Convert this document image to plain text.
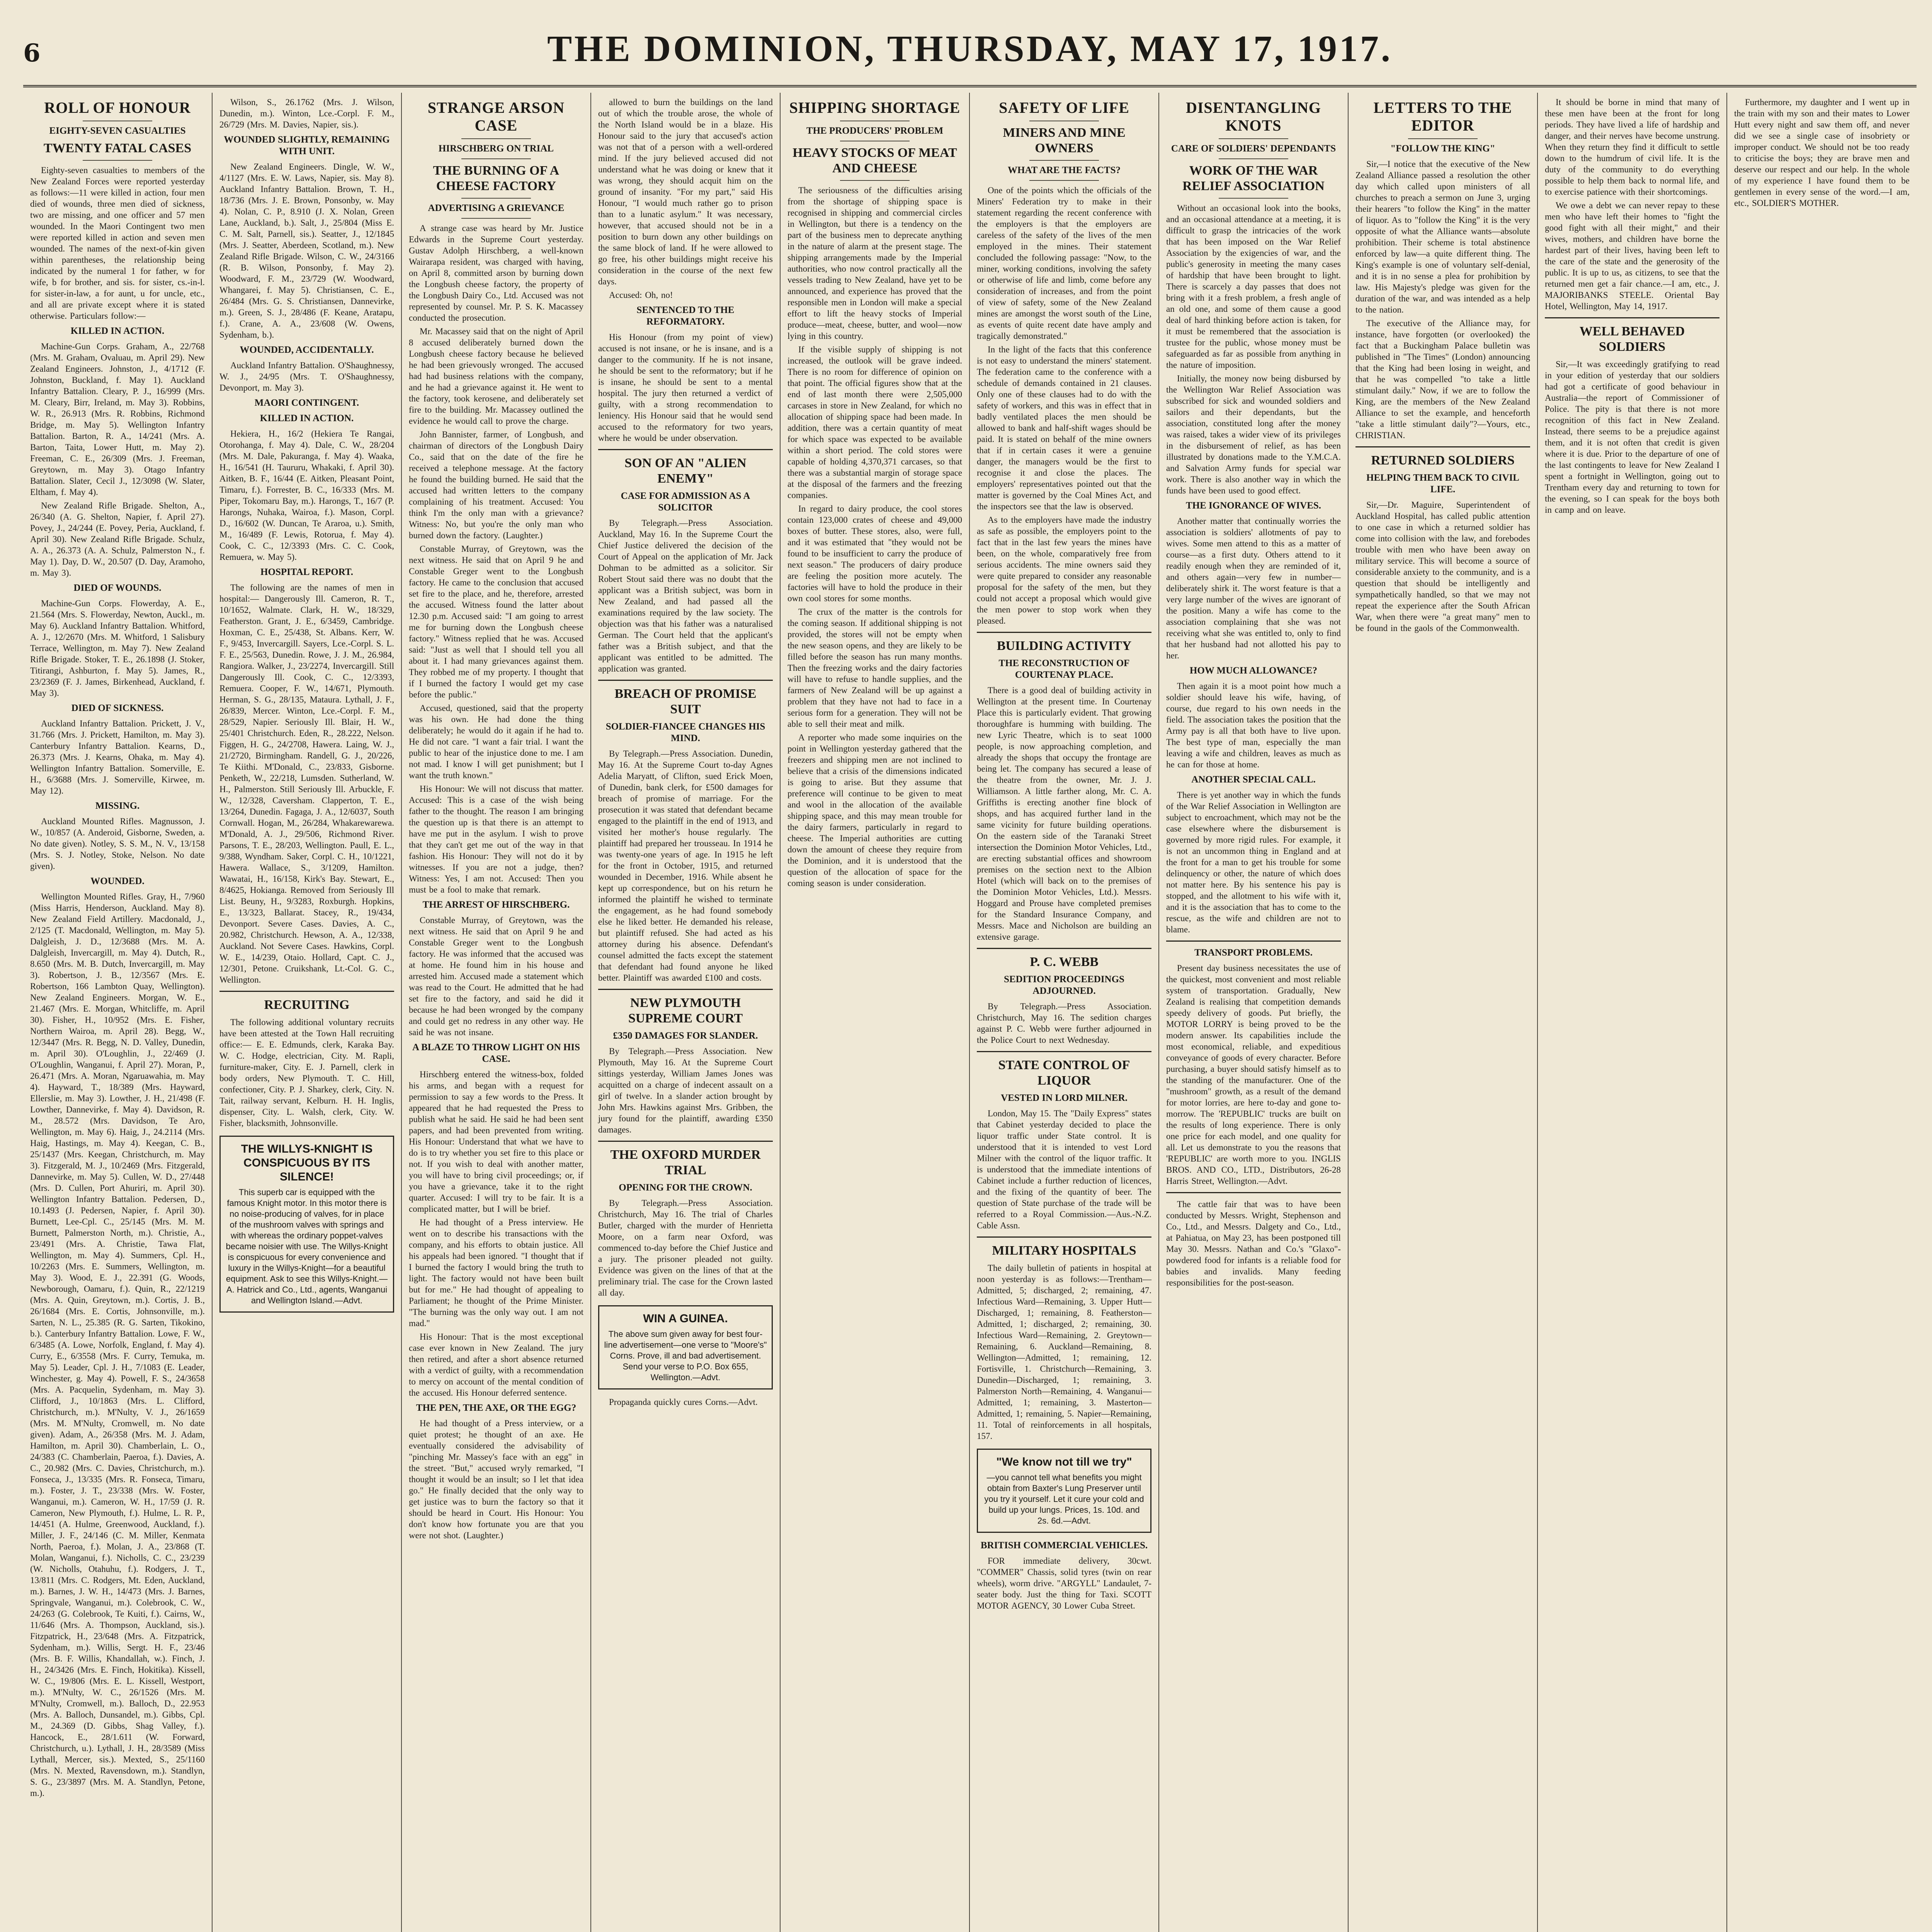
6	THE DOMINION, THURSDAY, MAY 17, 1917.
ROLL OF HONOUR
EIGHTY-SEVEN CASUALTIES
TWENTY FATAL CASES

Eighty-seven casualties to members of the New Zealand Forces were reported yesterday as follows:—11 were killed in action, four men died of wounds, three men died of sickness, two are missing, and one officer and 57 men wounded. In the Maori Contingent two men were reported killed in action and seven men wounded. The names of the next-of-kin given within parentheses, the relationship being indicated by the numeral 1 for father, w for wife, b for brother, and sis. for sister, cs.-in-l. for sister-in-law, a for aunt, u for uncle, etc., and all are private except where it is stated otherwise. Particulars follow:—

KILLED IN ACTION.

Machine-Gun Corps. Graham, A., 22/768 (Mrs. M. Graham, Ovaluau, m. April 29). New Zealand Engineers. Johnston, J., 4/1712 (F. Johnston, Buckland, f. May 1). Auckland Infantry Battalion. Cleary, P. J., 16/999 (Mrs. M. Cleary, Birr, Ireland, m. May 3). Robbins, W. R., 26.913 (Mrs. R. Robbins, Richmond Bridge, m. May 5). Wellington Infantry Battalion. Barton, R. A., 14/241 (Mrs. A. Barton, Taita, Lower Hutt, m. May 2). Freeman, C. E., 26/309 (Mrs. J. Freeman, Greytown, m. May 3). Otago Infantry Battalion. Slater, Cecil J., 12/3098 (W. Slater, Eltham, f. May 4).

New Zealand Rifle Brigade. Shelton, A., 26/340 (A. G. Shelton, Napier, f. April 27). Povey, J., 24/244 (E. Povey, Peria, Auckland, f. April 30). New Zealand Rifle Brigade. Schulz, A. A., 26.373 (A. A. Schulz, Palmerston N., f. May 1). Day, D. W., 20.507 (D. Day, Aramoho, m. May 3).

DIED OF WOUNDS.

Machine-Gun Corps. Flowerday, A. E., 21.564 (Mrs. S. Flowerday, Newton, Auckl., m. May 6). Auckland Infantry Battalion. Whitford, A. J., 12/2670 (Mrs. M. Whitford, 1 Salisbury Terrace, Wellington, m. May 7). New Zealand Rifle Brigade. Stoker, T. E., 26.1898 (J. Stoker, Titirangi, Ashburton, f. May 5). James, R., 23/2369 (F. J. James, Birkenhead, Auckland, f. May 3).

DIED OF SICKNESS.

Auckland Infantry Battalion. Prickett, J. V., 31.766 (Mrs. J. Prickett, Hamilton, m. May 3). Canterbury Infantry Battalion. Kearns, D., 26.373 (Mrs. J. Kearns, Ohaka, m. May 4). Wellington Infantry Battalion. Somerville, E. H., 6/3688 (Mrs. J. Somerville, Kirwee, m. May 12).

MISSING.

Auckland Mounted Rifles. Magnusson, J. W., 10/857 (A. Anderoid, Gisborne, Sweden, a. No date given). Notley, S. S. M., N. V., 13/158 (Mrs. S. J. Notley, Stoke, Nelson. No date given).

WOUNDED.

Wellington Mounted Rifles. Gray, H., 7/960 (Miss Harris, Henderson, Auckland. May 8). New Zealand Field Artillery. Macdonald, J., 2/125 (T. Macdonald, Wellington, m. May 5). Dalgleish, J. D., 12/3688 (Mrs. M. A. Dalgleish, Invercargill, m. May 4). Dutch, R., 8.650 (Mrs. M. B. Dutch, Invercargill, m. May 3). Robertson, J. B., 12/3567 (Mrs. E. Robertson, 166 Lambton Quay, Wellington). New Zealand Engineers. Morgan, W. E., 21.467 (Mrs. E. Morgan, Whitcliffe, m. April 30). Fisher, H., 10/952 (Mrs. E. Fisher, Northern Wairoa, m. April 28). Begg, W., 12/3447 (Mrs. R. Begg, N. D. Valley, Dunedin, m. April 30). O'Loughlin, J., 22/469 (J. O'Loughlin, Wanganui, f. April 27). Moran, P., 26.471 (Mrs. A. Moran, Ngaruawahia, m. May 4). Hayward, T., 18/389 (Mrs. Hayward, Ellerslie, m. May 3). Lowther, J. H., 21/498 (F. Lowther, Dannevirke, f. May 4). Davidson, R. M., 28.572 (Mrs. Davidson, Te Aro, Wellington, m. May 6). Haig, J., 24.2114 (Mrs. Haig, Hastings, m. May 4). Keegan, C. B., 25/1437 (Mrs. Keegan, Christchurch, m. May 3). Fitzgerald, M. J., 10/2469 (Mrs. Fitzgerald, Dannevirke, m. May 5). Cullen, W. D., 27/448 (Mrs. D. Cullen, Port Ahuriri, m. April 30). Wellington Infantry Battalion. Pedersen, D., 10.1493 (J. Pedersen, Napier, f. April 30). Burnett, Lee-Cpl. C., 25/145 (Mrs. M. M. Burnett, Palmerston North, m.). Christie, A., 23/491 (Mrs. A. Christie, Tawa Flat, Wellington, m. May 4). Summers, Cpl. H., 10/2263 (Mrs. E. Summers, Wellington, m. May 3). Wood, E. J., 22.391 (G. Woods, Newborough, Oamaru, f.). Quin, R., 22/1219 (Mrs. A. Quin, Greytown, m.). Cortis, J. B., 26/1684 (Mrs. E. Cortis, Johnsonville, m.). Sarten, N. L., 25.385 (R. G. Sarten, Tikokino, b.). Canterbury Infantry Battalion. Lowe, F. W., 6/3485 (A. Lowe, Norfolk, England, f. May 4). Curry, E., 6/3558 (Mrs. F. Curry, Temuka, m. May 5). Leader, Cpl. J. H., 7/1083 (E. Leader, Winchester, g. May 4). Powell, F. S., 24/3658 (Mrs. A. Pacquelin, Sydenham, m. May 3). Clifford, J., 10/1863 (Mrs. L. Clifford, Christchurch, m.). M'Nulty, V. J., 26/1659 (Mrs. M. M'Nulty, Cromwell, m. No date given). Adam, A., 26/358 (Mrs. M. J. Adam, Hamilton, m. April 30). Chamberlain, L. O., 24/383 (C. Chamberlain, Paeroa, f.). Davies, A. C., 20.982 (Mrs. C. Davies, Christchurch, m.). Fonseca, J., 13/335 (Mrs. R. Fonseca, Timaru, m.). Foster, J. T., 23/338 (Mrs. W. Foster, Wanganui, m.). Cameron, W. H., 17/59 (J. R. Cameron, New Plymouth, f.). Hulme, L. R. P., 14/451 (A. Hulme, Greenwood, Auckland, f.). Miller, J. F., 24/146 (C. M. Miller, Kenmata North, Paeroa, f.). Molan, J. A., 23/868 (T. Molan, Wanganui, f.). Nicholls, C. C., 23/239 (W. Nicholls, Otahuhu, f.). Rodgers, J. T., 13/811 (Mrs. C. Rodgers, Mt. Eden, Auckland, m.). Barnes, J. W. H., 14/473 (Mrs. J. Barnes, Springvale, Wanganui, m.). Colebrook, C. W., 24/263 (G. Colebrook, Te Kuiti, f.). Cairns, W., 11/646 (Mrs. A. Thompson, Auckland, sis.). Fitzpatrick, H., 23/648 (Mrs. A. Fitzpatrick, Sydenham, m.). Willis, Sergt. H. F., 23/46 (Mrs. B. F. Willis, Khandallah, w.). Finch, J. H., 24/3426 (Mrs. E. Finch, Hokitika). Kissell, W. C., 19/806 (Mrs. E. L. Kissell, Westport, m.). M'Nulty, W. C., 26/1526 (Mrs. M. M'Nulty, Cromwell, m.). Balloch, D., 22.953 (Mrs. A. Balloch, Dunsandel, m.). Gibbs, Cpl. M., 24.369 (D. Gibbs, Shag Valley, f.). Hancock, E., 28/1.611 (W. Forward, Christchurch, u.). Lythall, J. H., 28/3589 (Miss Lythall, Mercer, sis.). Mexted, S., 25/1160 (Mrs. N. Mexted, Ravensdown, m.). Standlyn, S. G., 23/3897 (Mrs. M. A. Standlyn, Petone, m.).

Wilson, S., 26.1762 (Mrs. J. Wilson, Dunedin, m.). Winton, Lce.-Corpl. F. M., 26/729 (Mrs. M. Davies, Napier, sis.).

WOUNDED SLIGHTLY, REMAINING WITH UNIT.

New Zealand Engineers. Dingle, W. W., 4/1127 (Mrs. E. W. Laws, Napier, sis. May 8). Auckland Infantry Battalion. Brown, T. H., 18/736 (Mrs. J. E. Brown, Ponsonby, w. May 4). Nolan, C. P., 8.910 (J. X. Nolan, Green Lane, Auckland, b.). Salt, J., 25/804 (Miss E. C. M. Salt, Parnell, sis.). Seatter, J., 12/1845 (Mrs. J. Seatter, Aberdeen, Scotland, m.). New Zealand Rifle Brigade. Wilson, C. W., 24/3166 (R. B. Wilson, Ponsonby, f. May 2). Woodward, F. M., 23/729 (W. Woodward, Whangarei, f. May 5). Christiansen, C. E., 26/484 (Mrs. G. S. Christiansen, Dannevirke, m.). Green, S. J., 28/486 (F. Keane, Aratapu, f.). Crane, A. A., 23/608 (W. Owens, Sydenham, b.).

WOUNDED, ACCIDENTALLY.

Auckland Infantry Battalion. O'Shaughnessy, W. J., 24/95 (Mrs. T. O'Shaughnessy, Devonport, m. May 3).

MAORI CONTINGENT.
KILLED IN ACTION.

Hekiera, H., 16/2 (Hekiera Te Rangai, Otorohanga, f. May 4). Dale, C. W., 28/204 (Mrs. M. Dale, Pakuranga, f. May 4). Waaka, H., 16/541 (H. Taururu, Whakaki, f. April 30). Aitken, B. F., 16/44 (E. Aitken, Pleasant Point, Timaru, f.). Forrester, B. C., 16/333 (Mrs. M. Piper, Tokomaru Bay, m.). Harongs, T., 16/7 (P. Harongs, Nuhaka, Wairoa, f.). Mason, Corpl. D., 16/602 (W. Duncan, Te Araroa, u.). Smith, M., 16/489 (F. Lewis, Rotorua, f. May 4). Cook, C. C., 12/3393 (Mrs. C. C. Cook, Remuera, w. May 5).

HOSPITAL REPORT.

The following are the names of men in hospital:— Dangerously Ill. Cameron, R. T., 10/1652, Walmate. Clark, H. W., 18/329, Featherston. Grant, J. E., 6/3459, Cambridge. Hoxman, C. E., 25/438, St. Albans. Kerr, W. F., 9/453, Invercargill. Sayers, Lce.-Corpl. S. L. F. E., 25/563, Dunedin. Rowe, J. J. M., 26.984, Rangiora. Walker, J., 23/2274, Invercargill. Still Dangerously Ill. Cook, C. C., 12/3393, Remuera. Cooper, F. W., 14/671, Plymouth. Herman, S. G., 28/135, Mataura. Lythall, J. F., 26/839, Mercer. Winton, Lce.-Corpl. F. M., 28/529, Napier. Seriously Ill. Blair, H. W., 25/401 Christchurch. Eden, R., 28.222, Nelson. Figgen, H. G., 24/2708, Hawera. Laing, W. J., 21/2720, Birmingham. Randell, G. J., 20/226, Te Kiithi. M'Donald, C., 23/833, Gisborne. Penketh, W., 22/218, Lumsden. Sutherland, W. H., Palmerston. Still Seriously Ill. Arbuckle, F. W., 12/328, Caversham. Clapperton, T. E., 13/264, Dunedin. Fagaga, J. A., 12/6037, South Cornwall. Hogan, M., 26/284, Whakarewarewa. M'Donald, A. J., 29/506, Richmond River. Parsons, T. E., 28/203, Wellington. Paull, E. L., 9/388, Wyndham. Saker, Corpl. C. H., 10/1221, Hawera. Wallace, S., 3/1209, Hamilton. Wawatai, H., 16/158, Kirk's Bay. Stewart, E., 8/4625, Hokianga. Removed from Seriously Ill List. Beuny, H., 9/3283, Roxburgh. Hopkins, E., 13/323, Ballarat. Stacey, R., 19/434, Devonport. Severe Cases. Davies, A. C., 20.982, Christchurch. Hewson, A. A., 12/338, Auckland. Not Severe Cases. Hawkins, Corpl. W. E., 14/239, Otaio. Hollard, Capt. C. J., 12/301, Petone. Cruikshank, Lt.-Col. G. C., Wellington.

RECRUITING

The following additional voluntary recruits have been attested at the Town Hall recruiting office:— E. E. Edmunds, clerk, Karaka Bay. W. C. Hodge, electrician, City. M. Rapli, furniture-maker, City. E. J. Parnell, clerk in body orders, New Plymouth. T. C. Hill, confectioner, City. P. J. Sharkey, clerk, City. N. Tait, railway servant, Kelburn. H. H. Inglis, dispenser, City. L. Walsh, clerk, City. W. Fisher, blacksmith, Johnsonville.

THE WILLYS-KNIGHT IS CONSPICUOUS BY ITS SILENCE!
This superb car is equipped with the famous Knight motor. In this motor there is no noise-producing of valves, for in place of the mushroom valves with springs and with whereas the ordinary poppet-valves became noisier with use. The Willys-Knight is conspicuous for every convenience and luxury in the Willys-Knight—for a beautiful equipment. Ask to see this Willys-Knight.— A. Hatrick and Co., Ltd., agents, Wanganui and Wellington Island.—Advt.
STRANGE ARSON CASE
HIRSCHBERG ON TRIAL
THE BURNING OF A CHEESE FACTORY
ADVERTISING A GRIEVANCE

A strange case was heard by Mr. Justice Edwards in the Supreme Court yesterday. Gustav Adolph Hirschberg, a well-known Wairarapa resident, was charged with having, on April 8, committed arson by burning down the Longbush cheese factory, the property of the Longbush Dairy Co., Ltd. Accused was not represented by counsel. Mr. P. S. K. Macassey conducted the prosecution.

Mr. Macassey said that on the night of April 8 accused deliberately burned down the Longbush cheese factory because he believed he had been grievously wronged. The accused had had business relations with the company, and he had a grievance against it. He went to the factory, took kerosene, and deliberately set fire to the building. Mr. Macassey outlined the evidence he would call to prove the charge.

John Bannister, farmer, of Longbush, and chairman of directors of the Longbush Dairy Co., said that on the date of the fire he received a telephone message. At the factory he found the building burned. He said that the accused had written letters to the company complaining of his treatment. Accused: You think I'm the only man with a grievance? Witness: No, but you're the only man who burned down the factory. (Laughter.)

Constable Murray, of Greytown, was the next witness. He said that on April 9 he and Constable Greger went to the Longbush factory. He came to the conclusion that accused set fire to the place, and he, therefore, arrested the accused. Witness found the latter about 12.30 p.m. Accused said: "I am going to arrest me for burning down the Longbush cheese factory." Witness replied that he was. Accused said: "Just as well that I should tell you all about it. I had many grievances against them. They robbed me of my property. I thought that if I burned the factory I would get my case before the public."

Accused, questioned, said that the property was his own. He had done the thing deliberately; he would do it again if he had to. He did not care. "I want a fair trial. I want the public to hear of the injustice done to me. I am not mad. I know I will get punishment; but I want the truth known."

His Honour: We will not discuss that matter. Accused: This is a case of the wish being father to the thought. The reason I am bringing the question up is that there is an attempt to have me put in the asylum. I wish to prove that they can't get me out of the way in that fashion. His Honour: They will not do it by witnesses. If you are not a judge, then? Witness: Yes, I am not. Accused: Then you must be a fool to make that remark.

THE ARREST OF HIRSCHBERG.

Constable Murray, of Greytown, was the next witness. He said that on April 9 he and Constable Greger went to the Longbush factory. He was informed that the accused was at home. He found him in his house and arrested him. Accused made a statement which was read to the Court. He admitted that he had set fire to the factory, and said he did it because he had been wronged by the company and could get no redress in any other way. He said he was not insane.

A BLAZE TO THROW LIGHT ON HIS CASE.

Hirschberg entered the witness-box, folded his arms, and began with a request for permission to say a few words to the Press. It appeared that he had requested the Press to publish what he said. He said he had been sent papers, and had been prevented from writing. His Honour: Understand that what we have to do is to try whether you set fire to this place or not. If you wish to deal with another matter, you will have to bring civil proceedings; or, if you have a grievance, take it to the right quarter. Accused: I will try to be fair. It is a complicated matter, but I will be brief.

He had thought of a Press interview. He went on to describe his transactions with the company, and his efforts to obtain justice. All his appeals had been ignored. "I thought that if I burned the factory I would bring the truth to light. The factory would not have been built but for me." He had thought of appealing to Parliament; he thought of the Prime Minister. "The burning was the only way out. I am not mad."

His Honour: That is the most exceptional case ever known in New Zealand. The jury then retired, and after a short absence returned with a verdict of guilty, with a recommendation to mercy on account of the mental condition of the accused. His Honour deferred sentence.

THE PEN, THE AXE, OR THE EGG?

He had thought of a Press interview, or a quiet protest; he thought of an axe. He eventually considered the advisability of "pinching Mr. Massey's face with an egg" in the street. "But," accused wryly remarked, "I thought it would be an insult; so I let that idea go." He finally decided that the only way to get justice was to burn the factory so that it should be heard in Court. His Honour: You don't know how fortunate you are that you were not shot. (Laughter.)

allowed to burn the buildings on the land out of which the trouble arose, the whole of the North Island would be in a blaze. His Honour said to the jury that accused's action was not that of a person with a well-ordered mind. If the jury believed accused did not understand what he was doing or knew that it was wrong, they should acquit him on the ground of insanity. "For my part," said His Honour, "I would much rather go to prison than to a lunatic asylum." It was necessary, however, that accused should not be in a position to burn down any other buildings on the same block of land. If he were allowed to go free, his other buildings might receive his consideration in the course of the next few days.

Accused: Oh, no!

SENTENCED TO THE REFORMATORY.

His Honour (from my point of view) accused is not insane, or he is insane, and is a danger to the community. If he is not insane, he should be sent to the reformatory; but if he is insane, he should be sent to a mental hospital. The jury then returned a verdict of guilty, with a strong recommendation to leniency. His Honour said that he would send accused to the reformatory for two years, where he would be under observation.

SON OF AN "ALIEN ENEMY"
CASE FOR ADMISSION AS A SOLICITOR

By Telegraph.—Press Association. Auckland, May 16. In the Supreme Court the Chief Justice delivered the decision of the Court of Appeal on the application of Mr. Jack Dohman to be admitted as a solicitor. Sir Robert Stout said there was no doubt that the applicant was a British subject, was born in New Zealand, and had passed all the examinations required by the law society. The objection was that his father was a naturalised German. The Court held that the applicant's father was a British subject, and that the applicant was entitled to be admitted. The application was granted.

BREACH OF PROMISE SUIT
SOLDIER-FIANCEE CHANGES HIS MIND.

By Telegraph.—Press Association. Dunedin, May 16. At the Supreme Court to-day Agnes Adelia Maryatt, of Clifton, sued Erick Moen, of Dunedin, bank clerk, for £500 damages for breach of promise of marriage. For the prosecution it was stated that defendant became engaged to the plaintiff in the end of 1913, and visited her mother's house regularly. The plaintiff had prepared her trousseau. In 1914 he was twenty-one years of age. In 1915 he left for the front in October, 1915, and returned wounded in December, 1916. While absent he kept up correspondence, but on his return he informed the plaintiff he wished to terminate the engagement, as he had found somebody else he liked better. He demanded his release, but plaintiff refused. She had acted as his attorney during his absence. Defendant's counsel admitted the facts except the statement that defendant had found anyone he liked better. Plaintiff was awarded £100 and costs.

NEW PLYMOUTH SUPREME COURT
£350 DAMAGES FOR SLANDER.

By Telegraph.—Press Association. New Plymouth, May 16. At the Supreme Court sittings yesterday, William James Jones was acquitted on a charge of indecent assault on a girl of twelve. In a slander action brought by John Mrs. Hawkins against Mrs. Gribben, the jury found for the plaintiff, awarding £350 damages.

THE OXFORD MURDER TRIAL
OPENING FOR THE CROWN.

By Telegraph.—Press Association. Christchurch, May 16. The trial of Charles Butler, charged with the murder of Henrietta Moore, on a farm near Oxford, was commenced to-day before the Chief Justice and a jury. The prisoner pleaded not guilty. Evidence was given on the lines of that at the preliminary trial. The case for the Crown lasted all day.

WIN A GUINEA.
The above sum given away for best four-line advertisement—one verse to "Moore's" Corns. Prove, ill and bad advertisement. Send your verse to P.O. Box 655, Wellington.—Advt.

Propaganda quickly cures Corns.—Advt.

SHIPPING SHORTAGE
THE PRODUCERS' PROBLEM
HEAVY STOCKS OF MEAT AND CHEESE

The seriousness of the difficulties arising from the shortage of shipping space is recognised in shipping and commercial circles in Wellington, but there is a tendency on the part of the business men to deprecate anything in the nature of alarm at the present stage. The shipping arrangements made by the Imperial authorities, who now control practically all the vessels trading to New Zealand, have yet to be announced, and experience has proved that the responsible men in London will make a special effort to lift the heavy stocks of Imperial produce—meat, cheese, butter, and wool—now lying in this country.

If the visible supply of shipping is not increased, the outlook will be grave indeed. There is no room for difference of opinion on that point. The official figures show that at the end of last month there were 2,505,000 carcases in store in New Zealand, for which no allocation of shipping space had been made. In addition, there was a certain quantity of meat for which space was expected to be available within a short period. The cold stores were capable of holding 4,370,371 carcases, so that there was a substantial margin of storage space at the disposal of the farmers and the freezing companies.

In regard to dairy produce, the cool stores contain 123,000 crates of cheese and 49,000 boxes of butter. These stores, also, were full, and it was estimated that "they would not be found to be insufficient to carry the produce of next season." The producers of dairy produce are feeling the position more acutely. The factories will have to hold the produce in their own cool stores for some months.

The crux of the matter is the controls for the coming season. If additional shipping is not provided, the stores will not be empty when the new season opens, and they are likely to be filled before the season has run many months. Then the freezing works and the dairy factories will have to refuse to handle supplies, and the farmers of New Zealand will be up against a problem that they have not had to face in a serious form for a generation. They will not be able to sell their meat and milk.

A reporter who made some inquiries on the point in Wellington yesterday gathered that the freezers and shipping men are not inclined to believe that a crisis of the dimensions indicated is going to arise. But they assume that preference will continue to be given to meat and wool in the allocation of the available shipping space, and this may mean trouble for the dairy farmers, particularly in regard to cheese. The Imperial authorities are cutting down the amount of cheese they require from the Dominion, and it is understood that the question of the allocation of space for the coming season is under consideration.

SAFETY OF LIFE
MINERS AND MINE OWNERS
WHAT ARE THE FACTS?

One of the points which the officials of the Miners' Federation try to make in their statement regarding the recent conference with the employers is that the employers are careless of the safety of the lives of the men employed in the mines. Their statement concluded the following passage: "Now, to the miner, working conditions, involving the safety or otherwise of life and limb, come before any consideration of increases, and from the point of view of safety, some of the New Zealand mines are amongst the worst south of the Line, as events of quite recent date have amply and tragically demonstrated."

In the light of the facts that this conference is not easy to understand the miners' statement. The federation came to the conference with a schedule of demands contained in 21 clauses. Only one of these clauses had to do with the safety of workers, and this was in effect that in badly ventilated places the men should be allowed to bank and half-shift wages should be paid. It is stated on behalf of the mine owners that if in certain cases it were a genuine danger, the managers would be the first to recognise it and close the places. The employers' representatives pointed out that the matter is governed by the Coal Mines Act, and the inspectors see that the law is observed.

As to the employers have made the industry as safe as possible, the employers point to the fact that in the last few years the mines have been, on the whole, comparatively free from serious accidents. The mine owners said they were quite prepared to consider any reasonable proposal for the safety of the men, but they could not accept a proposal which would give the men power to stop work when they pleased.

BUILDING ACTIVITY
THE RECONSTRUCTION OF COURTENAY PLACE.

There is a good deal of building activity in Wellington at the present time. In Courtenay Place this is particularly evident. That growing thoroughfare is humming with building. The new Lyric Theatre, which is to seat 1000 people, is now approaching completion, and already the shops that occupy the frontage are being let. The company has secured a lease of the theatre from the owner, Mr. J. J. Williamson. A little farther along, Mr. C. A. Griffiths is erecting another fine block of shops, and has acquired further land in the same vicinity for future building operations. On the eastern side of the Taranaki Street intersection the Dominion Motor Vehicles, Ltd., are erecting substantial offices and showroom premises on the section next to the Albion Hotel (which will back on to the premises of the Dominion Motor Vehicles, Ltd.). Messrs. Hoggard and Prouse have completed premises for the Standard Insurance Company, and Messrs. Mace and Nicholson are building an extensive garage.

P. C. WEBB
SEDITION PROCEEDINGS ADJOURNED.

By Telegraph.—Press Association. Christchurch, May 16. The sedition charges against P. C. Webb were further adjourned in the Police Court to next Wednesday.

STATE CONTROL OF LIQUOR
VESTED IN LORD MILNER.

London, May 15. The "Daily Express" states that Cabinet yesterday decided to place the liquor traffic under State control. It is understood that it is intended to vest Lord Milner with the control of the liquor traffic. It is understood that the immediate intentions of Cabinet include a further reduction of licences, and the fixing of the quantity of beer. The question of State purchase of the trade will be referred to a Royal Commission.—Aus.-N.Z. Cable Assn.

MILITARY HOSPITALS

The daily bulletin of patients in hospital at noon yesterday is as follows:—Trentham—Admitted, 5; discharged, 2; remaining, 47. Infectious Ward—Remaining, 3. Upper Hutt—Discharged, 1; remaining, 8. Featherston—Admitted, 1; discharged, 2; remaining, 30. Infectious Ward—Remaining, 2. Greytown—Remaining, 6. Auckland—Remaining, 8. Wellington—Admitted, 1; remaining, 12. Fortisville, 1. Christchurch—Remaining, 3. Dunedin—Discharged, 1; remaining, 3. Palmerston North—Remaining, 4. Wanganui—Admitted, 1; remaining, 3. Masterton—Admitted, 1; remaining, 5. Napier—Remaining, 11. Total of reinforcements in all hospitals, 157.

"We know not till we try"
—you cannot tell what benefits you might obtain from Baxter's Lung Preserver until you try it yourself. Let it cure your cold and build up your lungs. Prices, 1s. 10d. and 2s. 6d.—Advt.
BRITISH COMMERCIAL VEHICLES.

FOR immediate delivery, 30cwt. "COMMER" Chassis, solid tyres (twin on rear wheels), worm drive. "ARGYLL" Landaulet, 7-seater body. Just the thing for Taxi. SCOTT MOTOR AGENCY, 30 Lower Cuba Street.

DISENTANGLING KNOTS
CARE OF SOLDIERS' DEPENDANTS
WORK OF THE WAR RELIEF ASSOCIATION

Without an occasional look into the books, and an occasional attendance at a meeting, it is difficult to grasp the intricacies of the work that has been imposed on the War Relief Association by the exigencies of war, and the public's generosity in meeting the many cases of hardship that have been brought to light. There is scarcely a day passes that does not bring with it a fresh problem, a fresh angle of an old one, and some of them cause a good deal of hard thinking before action is taken, for it must be remembered that the association is trustee for the public, whose money must be safeguarded as far as possible from anything in the nature of imposition.

Initially, the money now being disbursed by the Wellington War Relief Association was subscribed for sick and wounded soldiers and sailors and their dependants, but the association, constituted long after the money was raised, takes a wider view of its privileges in the disbursement of relief, as has been illustrated by donations made to the Y.M.C.A. and Salvation Army funds for special war work. There is also another way in which the funds have been used to good effect.

THE IGNORANCE OF WIVES.

Another matter that continually worries the association is soldiers' allotments of pay to wives. Some men attend to this as a matter of course—as a first duty. Others attend to it readily enough when they are reminded of it, and others again—very few in number—deliberately shirk it. The worst feature is that a very large number of the wives are ignorant of the position. Many a wife has come to the association complaining that she was not receiving what she was entitled to, only to find that her husband had not allotted his pay to her.

HOW MUCH ALLOWANCE?

Then again it is a moot point how much a soldier should leave his wife, having, of course, due regard to his own needs in the field. The association takes the position that the Army pay is all that both have to live upon. The best type of man, especially the man leaving a wife and children, leaves as much as he can for those at home.

ANOTHER SPECIAL CALL.

There is yet another way in which the funds of the War Relief Association in Wellington are subject to encroachment, which may not be the case elsewhere where the disbursement is governed by more rigid rules. For example, it is not an uncommon thing in England and at the front for a man to get his trouble for some delinquency or other, the nature of which does not matter here. By his sentence his pay is stopped, and the allotment to his wife with it, and it is the association that has to come to the rescue, as the wife and children are not to blame.

TRANSPORT PROBLEMS.

Present day business necessitates the use of the quickest, most convenient and most reliable system of transportation. Gradually, New Zealand is realising that competition demands speedy delivery of goods. Put briefly, the MOTOR LORRY is being proved to be the modern answer. Its capabilities include the most economical, reliable, and expeditious conveyance of goods of every character. Before purchasing, a buyer should satisfy himself as to the standing of the manufacturer. One of the "mushroom" growth, as a result of the demand for motor lorries, are here to-day and gone to-morrow. The 'REPUBLIC' trucks are built on the results of long experience. There is only one price for each model, and one quality for all. Let us demonstrate to you the reasons that 'REPUBLIC' are worth more to you. INGLIS BROS. AND CO., LTD., Distributors, 26-28 Harris Street, Wellington.—Advt.

The cattle fair that was to have been conducted by Messrs. Wright, Stephenson and Co., Ltd., and Messrs. Dalgety and Co., Ltd., at Pahiatua, on May 23, has been postponed till May 30. Messrs. Nathan and Co.'s "Glaxo"-powdered food for infants is a reliable food for babies and invalids. Many feeding responsibilities for the post-season.

LETTERS TO THE EDITOR
"FOLLOW THE KING"

Sir,—I notice that the executive of the New Zealand Alliance passed a resolution the other day which called upon ministers of all churches to preach a sermon on June 3, urging their hearers "to follow the King" in the matter of liquor. As to "follow the King" it is the very opposite of what the Alliance wants—absolute prohibition. Their scheme is total abstinence enforced by law—a quite different thing. The King's example is one of voluntary self-denial, and it is in no sense a plea for prohibition by law. His Majesty's pledge was given for the duration of the war, and was intended as a help to the nation.

The executive of the Alliance may, for instance, have forgotten (or overlooked) the fact that a Buckingham Palace bulletin was published in "The Times" (London) announcing that the King had been losing in weight, and that he was compelled "to take a little stimulant daily." Now, if we are to follow the King, are the members of the New Zealand Alliance to set the example, and henceforth "take a little stimulant daily"?—Yours, etc., CHRISTIAN.

RETURNED SOLDIERS
HELPING THEM BACK TO CIVIL LIFE.

Sir,—Dr. Maguire, Superintendent of Auckland Hospital, has called public attention to one case in which a returned soldier has come into collision with the law, and forebodes trouble with men who have been away on military service. This will become a source of considerable anxiety to the community, and is a question that should be intelligently and sympathetically handled, so that we may not repeat the experience after the South African War, when there were "a great many" men to be found in the gaols of the Commonwealth.

It should be borne in mind that many of these men have been at the front for long periods. They have lived a life of hardship and danger, and their nerves have become unstrung. When they return they find it difficult to settle down to the humdrum of civil life. It is the duty of the community to do everything possible to help them back to normal life, and to exercise patience with their shortcomings.

We owe a debt we can never repay to these men who have left their homes to "fight the good fight with all their might," and their wives, mothers, and children have borne the hardest part of their lives, having been left to the care of the state and the generosity of the public. It is up to us, as citizens, to see that the returned men get a fair chance.—I am, etc., J. MAJORIBANKS STEELE. Oriental Bay Hotel, Wellington, May 14, 1917.

WELL BEHAVED SOLDIERS

Sir,—It was exceedingly gratifying to read in your edition of yesterday that our soldiers had got a certificate of good behaviour in Australia—the report of Commissioner of Police. The pity is that there is not more recognition of this fact in New Zealand. Instead, there seems to be a prejudice against them, and it is not often that credit is given where it is due. Prior to the departure of one of the last contingents to leave for New Zealand I spent a fortnight in Wellington, going out to Trentham every day and returning to town for the evening, so I can speak for the boys both in camp and on leave.

Furthermore, my daughter and I went up in the train with my son and their mates to Lower Hutt every night and saw them off, and never did we see a single case of insobriety or improper conduct. We should not be too ready to criticise the boys; they are brave men and deserve our respect and our help. In the whole of my experience I have found them to be gentlemen in every sense of the word.—I am, etc., SOLDIER'S MOTHER.
